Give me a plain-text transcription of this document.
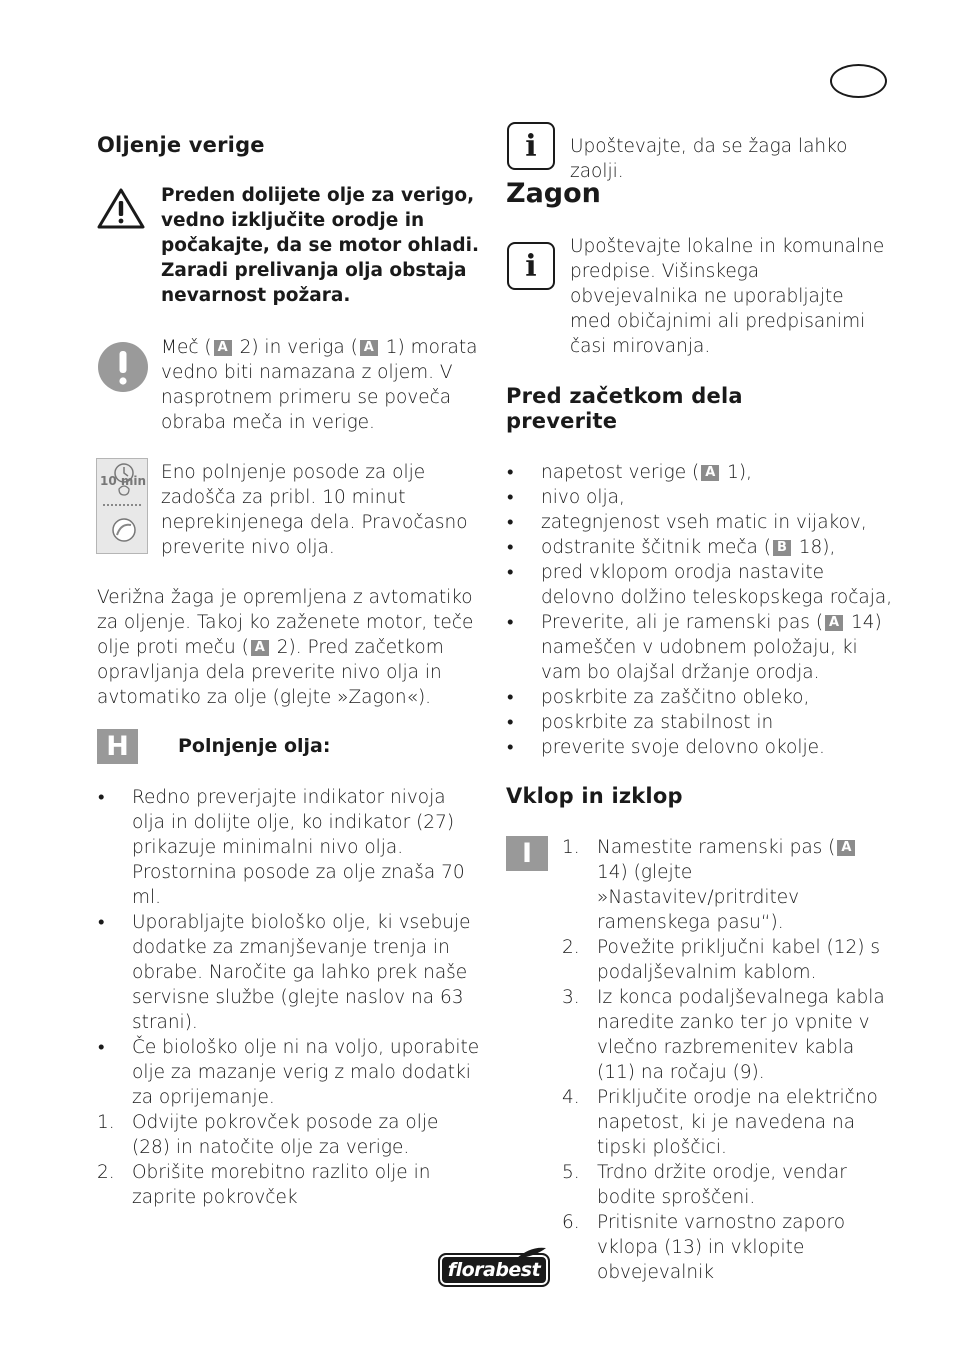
Oljenje verige
Preden dolijete olje za verigo, vedno izključite orodje in počakajte, da se motor ohladi. Zaradi prelivanja olja obstaja nevarnost požara.
Meč ( A 2) in veriga ( A 1) morata vedno biti namazana z oljem. V nasprotnem primeru se poveča obraba meča in verige.
10 min Eno polnjenje posode za olje zadošča za pribl. 10 minut neprekinjenega dela. Pravočasno preverite nivo olja.
Verižna žaga je opremljena z avtomatiko za oljenje. Takoj ko zaženete motor, teče olje proti meču ( A 2). Pred začetkom opravljanja dela preverite nivo olja in avtomatiko za olje (glejte »Zagon«).
H	Polnjenje olja:
• Redno preverjajte indikator nivoja olja in dolijte olje, ko indikator (27) prikazuje minimalni nivo olja. Prostornina posode za olje znaša 70 ml.
• Uporabljajte biološko olje, ki vsebuje dodatke za zmanjševanje trenja in obrabe. Naročite ga lahko prek naše servisne službe (glejte naslov na 63 strani).
• Če biološko olje ni na voljo, uporabite olje za mazanje verig z malo dodatki za oprijemanje.
1. Odvijte pokrovček posode za olje (28) in natočite olje za verige.
2. Obrišite morebitno razlito olje in zaprite pokrovček
i Upoštevajte, da se žaga lahko zaolji.
Zagon
i
Upoštevajte lokalne in komunalne predpise. Višinskega obvejevalnika ne uporabljajte med običajnimi ali predpisanimi časi mirovanja.
Pred začetkom dela preverite
• napetost verige ( A 1),
• nivo olja,
• zategnjenost vseh matic in vijakov,
• odstranite ščitnik meča ( B 18),
• pred vklopom orodja nastavite delovno dolžino teleskopskega ročaja,
• Preverite, ali je ramenski pas ( A 14) nameščen v udobnem položaju, ki vam bo olajšal držanje orodja.
• poskrbite za zaščitno obleko,
• poskrbite za stabilnost in
• preverite svoje delovno okolje.
Vklop in izklop
I	1. Namestite ramenski pas ( A 14) (glejte »Nastavitev/pritrditev ramenskega pasu“).
2. Povežite priključni kabel (12) s podaljševalnim kablom.
3. Iz konca podaljševalnega kabla naredite zanko ter jo vpnite v vlečno razbremenitev kabla (11) na ročaju (9).
4. Priključite orodje na električno napetost, ki je navedena na tipski ploščici.
5. Trdno držite orodje, vendar bodite sproščeni.
6. Pritisnite varnostno zaporo vklopa (13) in vklopite obvejevalnik
florabest
